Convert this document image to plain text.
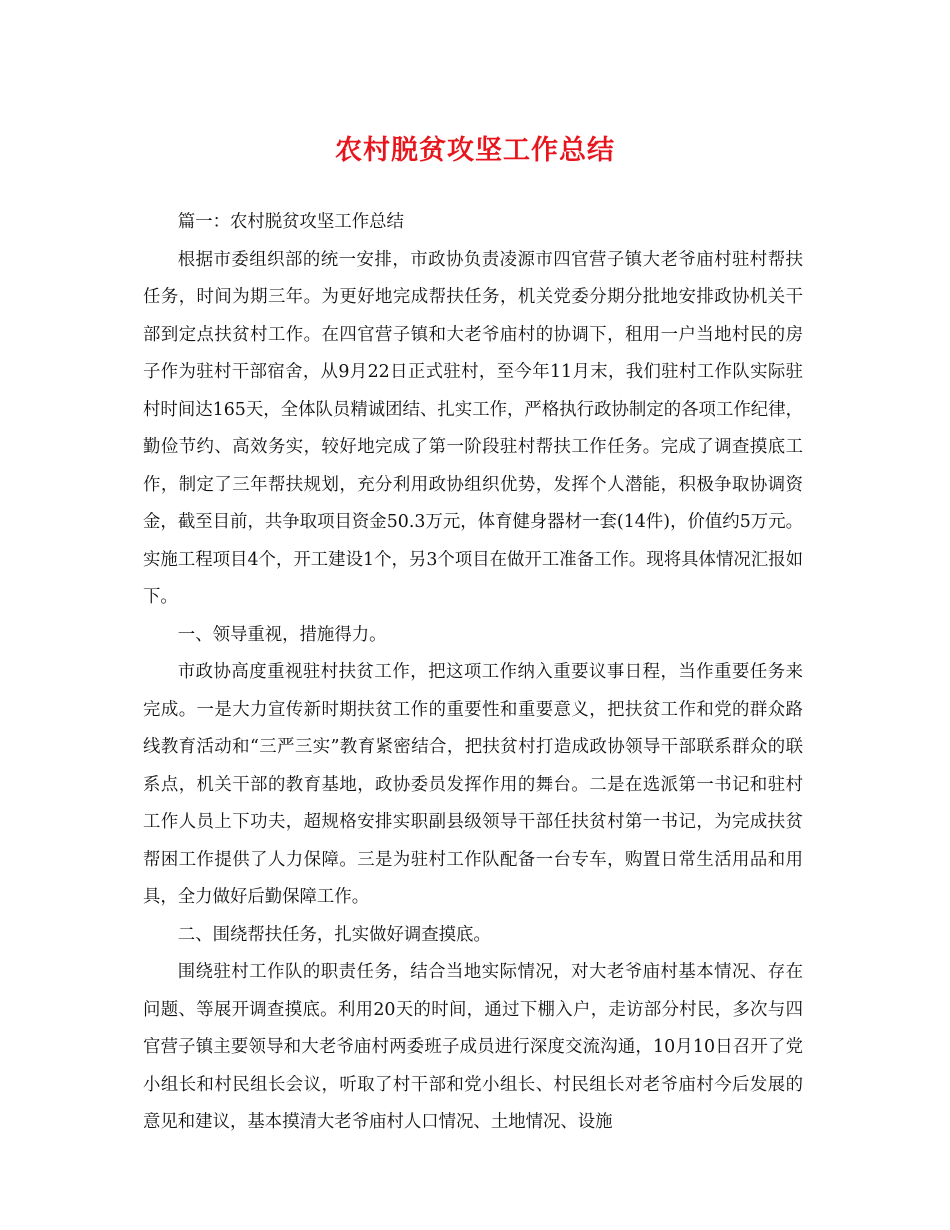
农村脱贫攻坚工作总结

篇一：农村脱贫攻坚工作总结

根据市委组织部的统一安排，市政协负责凌源市四官营子镇大老爷庙村驻村帮扶任务，时间为期三年。为更好地完成帮扶任务，机关党委分期分批地安排政协机关干部到定点扶贫村工作。在四官营子镇和大老爷庙村的协调下，租用一户当地村民的房子作为驻村干部宿舍，从9月22日正式驻村，至今年11月末，我们驻村工作队实际驻村时间达165天，全体队员精诚团结、扎实工作，严格执行政协制定的各项工作纪律，勤俭节约、高效务实，较好地完成了第一阶段驻村帮扶工作任务。完成了调查摸底工作，制定了三年帮扶规划，充分利用政协组织优势，发挥个人潜能，积极争取协调资金，截至目前，共争取项目资金50.3万元，体育健身器材一套(14件)，价值约5万元。实施工程项目4个，开工建设1个，另3个项目在做开工准备工作。现将具体情况汇报如下。

一、领导重视，措施得力。

市政协高度重视驻村扶贫工作，把这项工作纳入重要议事日程，当作重要任务来完成。一是大力宣传新时期扶贫工作的重要性和重要意义，把扶贫工作和党的群众路线教育活动和“三严三实”教育紧密结合，把扶贫村打造成政协领导干部联系群众的联系点，机关干部的教育基地，政协委员发挥作用的舞台。二是在选派第一书记和驻村工作人员上下功夫，超规格安排实职副县级领导干部任扶贫村第一书记，为完成扶贫帮困工作提供了人力保障。三是为驻村工作队配备一台专车，购置日常生活用品和用具，全力做好后勤保障工作。

二、围绕帮扶任务，扎实做好调查摸底。

围绕驻村工作队的职责任务，结合当地实际情况，对大老爷庙村基本情况、存在问题、等展开调查摸底。利用20天的时间，通过下棚入户，走访部分村民，多次与四官营子镇主要领导和大老爷庙村两委班子成员进行深度交流沟通，10月10日召开了党小组长和村民组长会议，听取了村干部和党小组长、村民组长对老爷庙村今后发展的意见和建议，基本摸清大老爷庙村人口情况、土地情况、设施
